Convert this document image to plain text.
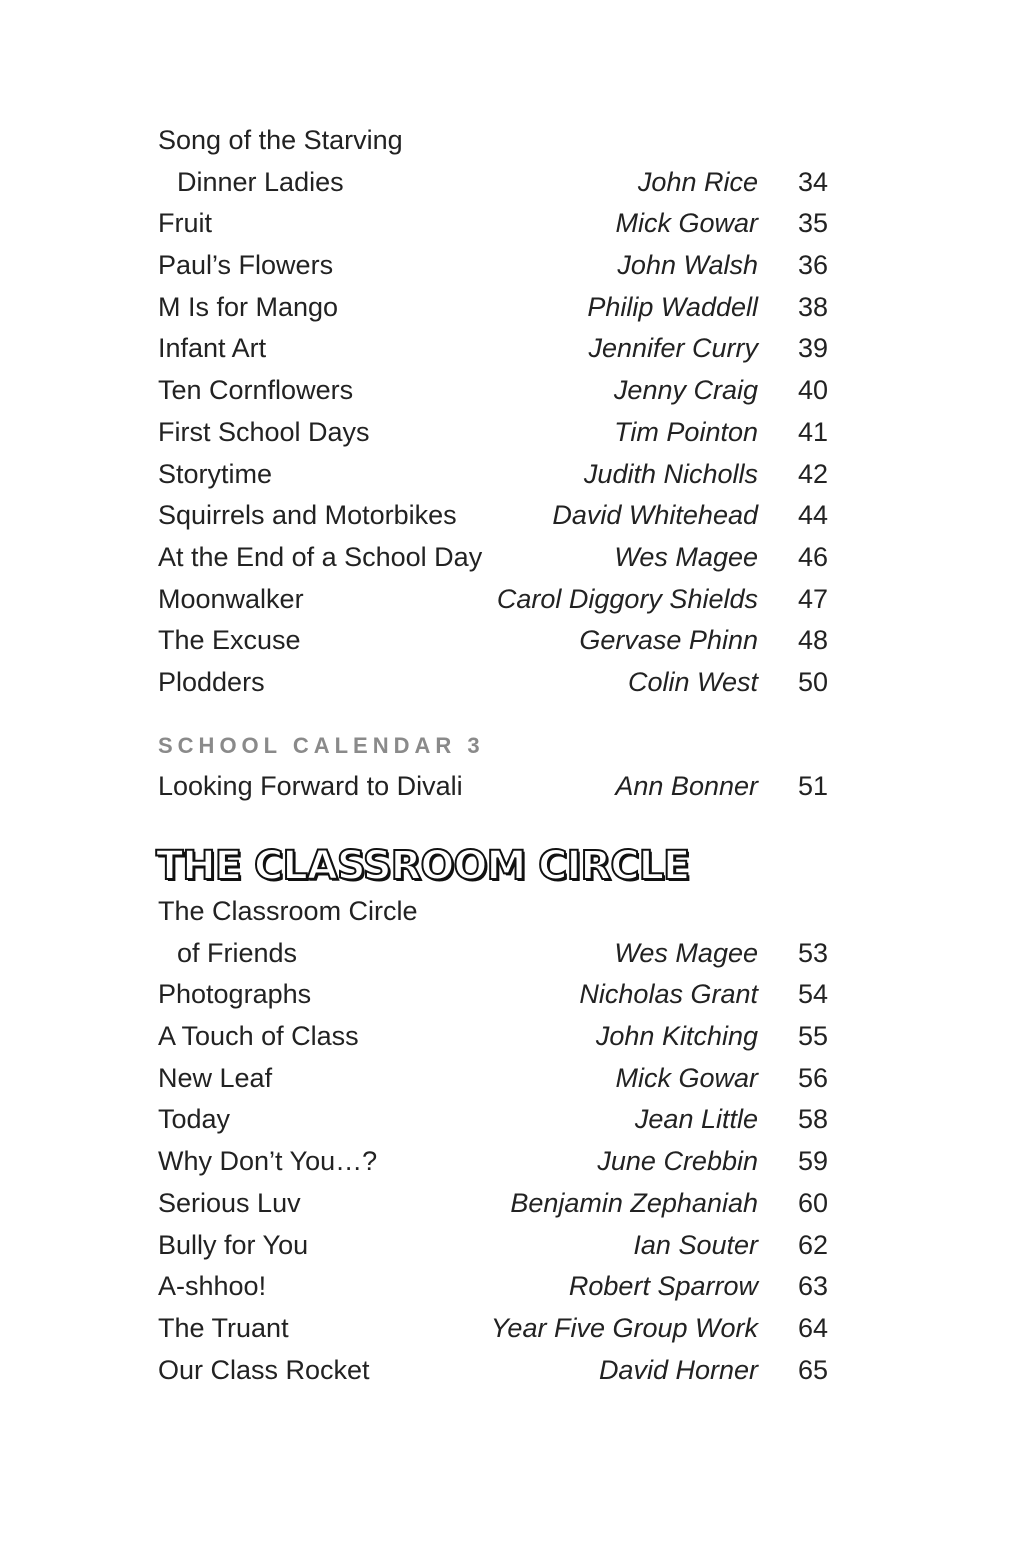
Song of the Starving
Dinner Ladies	John Rice	34
Fruit	Mick Gowar	35
Paul’s Flowers	John Walsh	36
M Is for Mango	Philip Waddell	38
Infant Art	Jennifer Curry	39
Ten Cornflowers	Jenny Craig	40
First School Days	Tim Pointon	41
Storytime	Judith Nicholls	42
Squirrels and Motorbikes	David Whitehead	44
At the End of a School Day	Wes Magee	46
Moonwalker	Carol Diggory Shields	47
The Excuse	Gervase Phinn	48
Plodders	Colin West	50
SCHOOL CALENDAR 3
Looking Forward to Divali	Ann Bonner	51
THE CLASSROOM CIRCLE
The Classroom Circle
of Friends	Wes Magee	53
Photographs	Nicholas Grant	54
A Touch of Class	John Kitching	55
New Leaf	Mick Gowar	56
Today	Jean Little	58
Why Don’t You…?	June Crebbin	59
Serious Luv	Benjamin Zephaniah	60
Bully for You	Ian Souter	62
A-shhoo!	Robert Sparrow	63
The Truant	Year Five Group Work	64
Our Class Rocket	David Horner	65
